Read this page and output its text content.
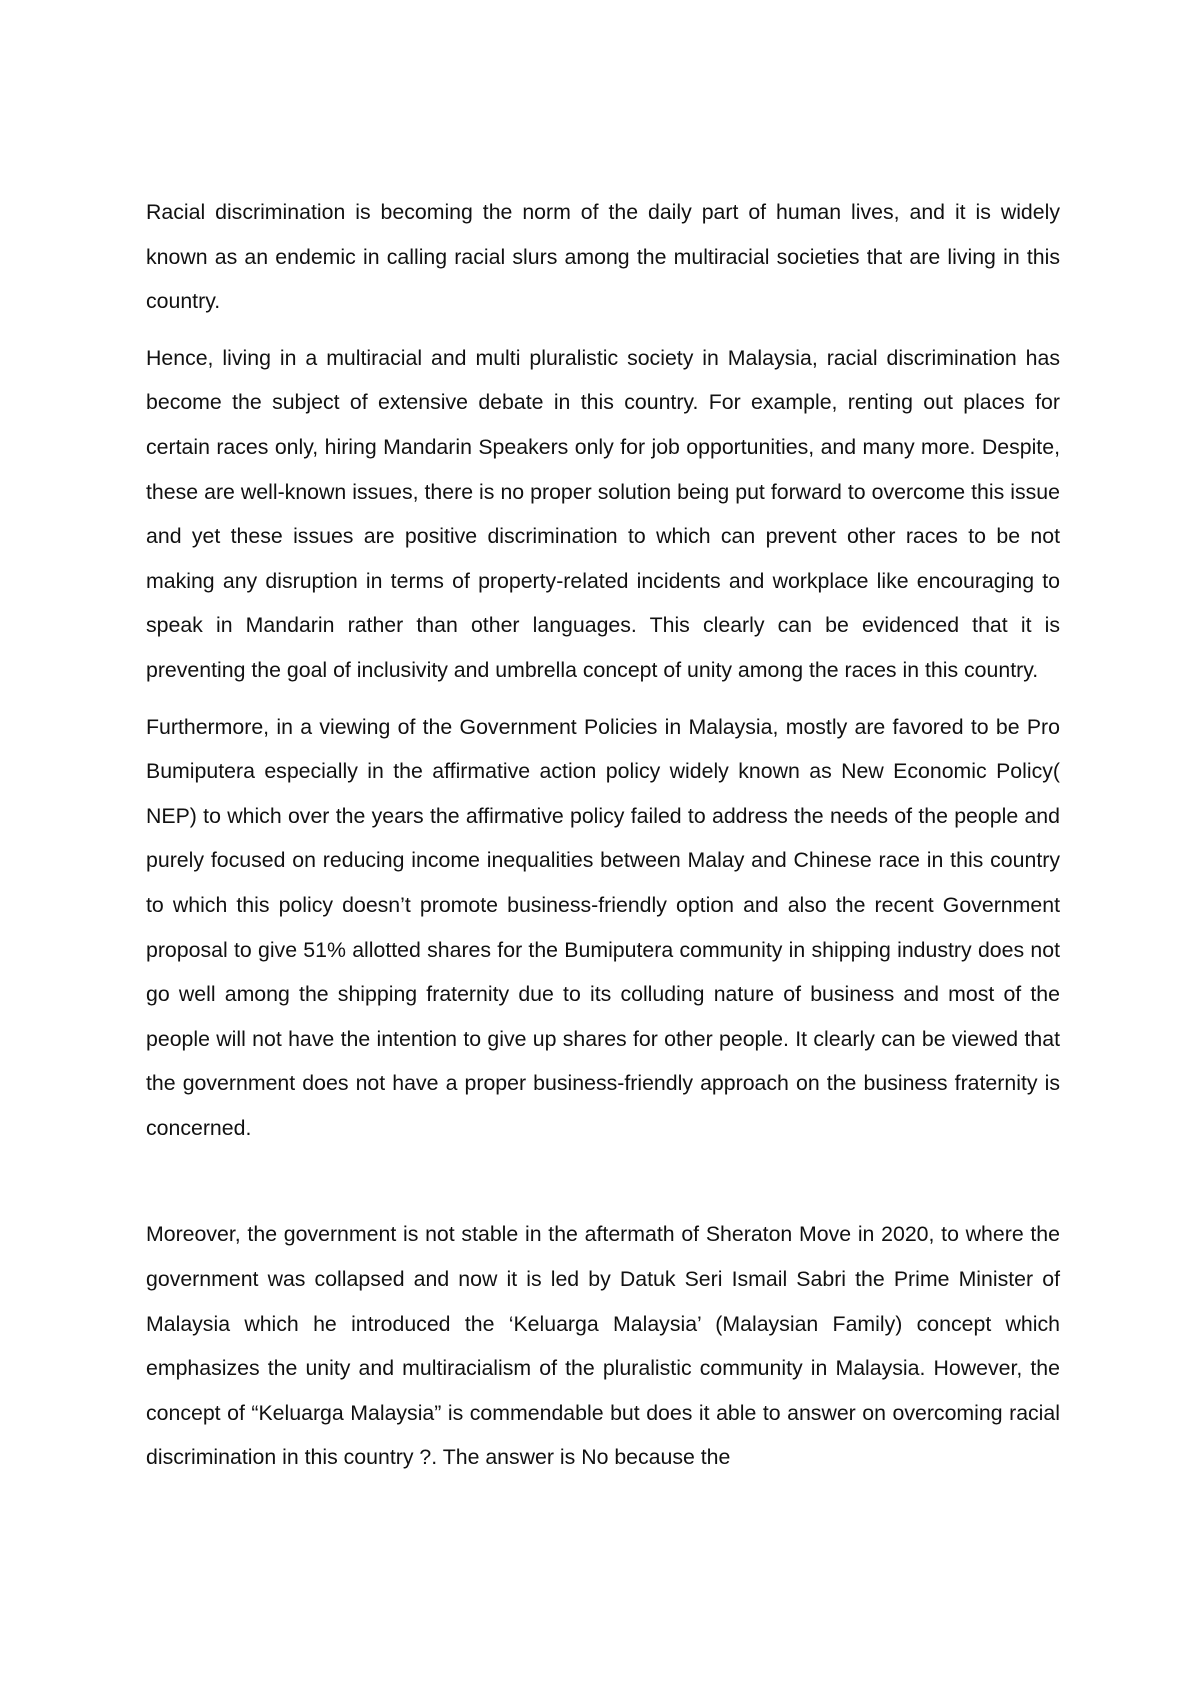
Racial discrimination is becoming the norm of the daily part of human lives, and it is widely known as an endemic in calling racial slurs among the multiracial societies that are living in this country.

Hence, living in a multiracial and multi pluralistic society in Malaysia, racial discrimination has become the subject of extensive debate in this country. For example, renting out places for certain races only, hiring Mandarin Speakers only for job opportunities, and many more. Despite, these are well-known issues, there is no proper solution being put forward to overcome this issue and yet these issues are positive discrimination to which can prevent other races to be not making any disruption in terms of property-related incidents and workplace like encouraging to speak in Mandarin rather than other languages. This clearly can be evidenced that it is preventing the goal of inclusivity and umbrella concept of unity among the races in this country.

Furthermore, in a viewing of the Government Policies in Malaysia, mostly are favored to be Pro Bumiputera especially in the affirmative action policy widely known as New Economic Policy( NEP) to which over the years the affirmative policy failed to address the needs of the people and purely focused on reducing income inequalities between Malay and Chinese race in this country to which this policy doesn’t promote business-friendly option and also the recent Government proposal to give 51% allotted shares for the Bumiputera community in shipping industry does not go well among the shipping fraternity due to its colluding nature of business and most of the people will not have the intention to give up shares for other people. It clearly can be viewed that the government does not have a proper business-friendly approach on the business fraternity is concerned.

Moreover, the government is not stable in the aftermath of Sheraton Move in 2020, to where the government was collapsed and now it is led by Datuk Seri Ismail Sabri the Prime Minister of Malaysia which he introduced the ‘Keluarga Malaysia’ (Malaysian Family) concept which emphasizes the unity and multiracialism of the pluralistic community in Malaysia. However, the concept of “Keluarga Malaysia” is commendable but does it able to answer on overcoming racial discrimination in this country ?. The answer is No because the
